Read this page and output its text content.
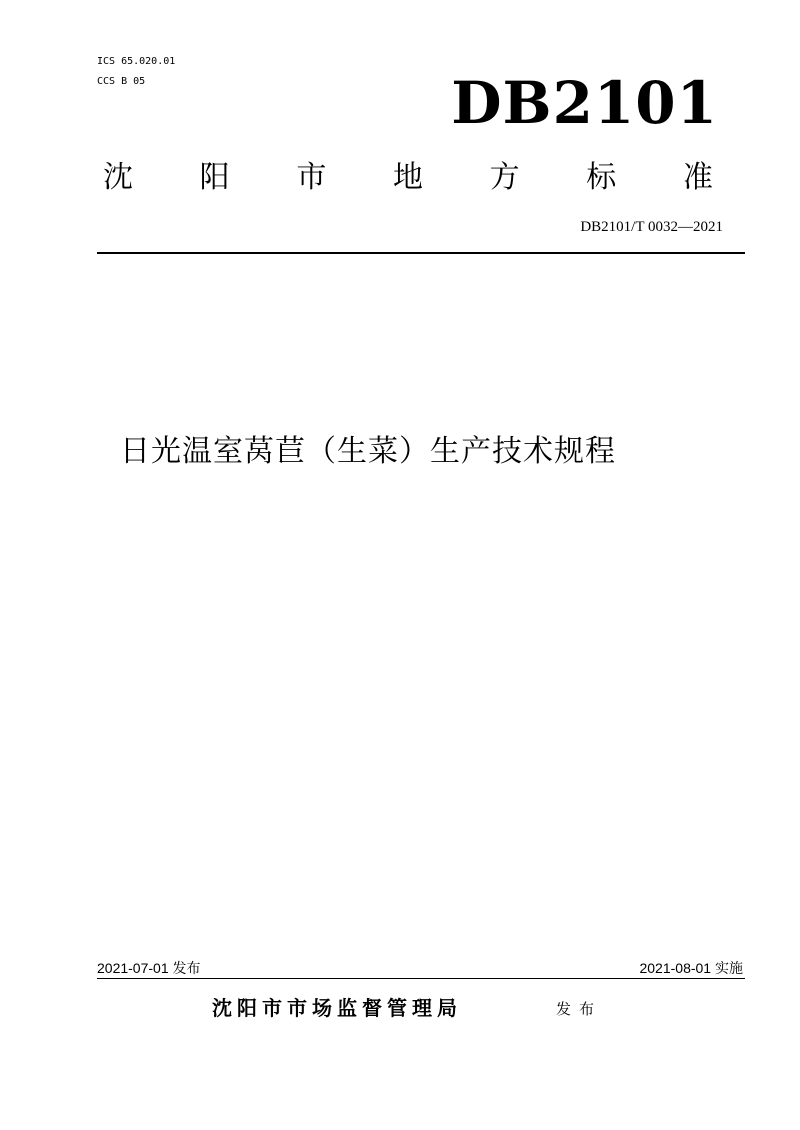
ICS 65.020.01
CCS B 05	DB2101
沈 阳 市 地 方 标 准
DB2101/T 0032—2021
日光温室莴苣（生菜）生产技术规程
2021-07-01 发布	2021-08-01 实施
沈阳市市场监督管理局	发布
